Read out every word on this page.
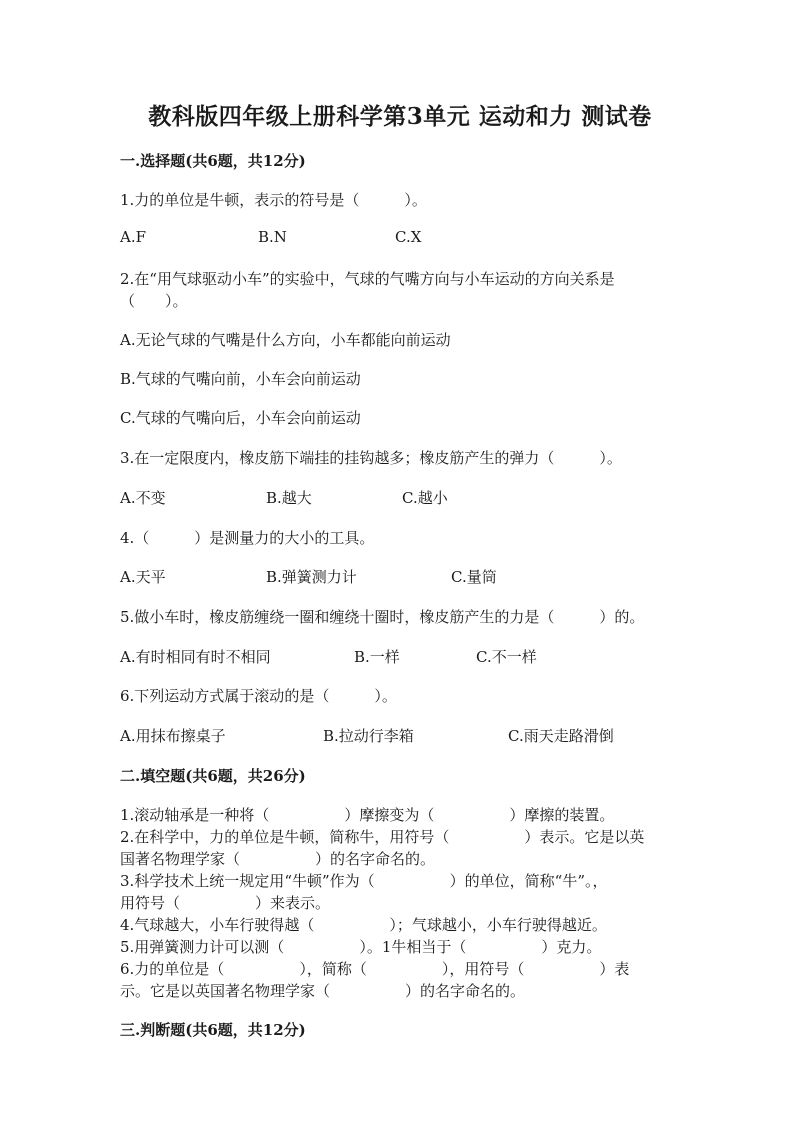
教科版四年级上册科学第3单元 运动和力 测试卷
一.选择题(共6题，共12分)
1.力的单位是牛顿，表示的符号是（　　　）。
A.F	B.N	C.X
2.在“用气球驱动小车”的实验中，气球的气嘴方向与小车运动的方向关系是
（　　）。
A.无论气球的气嘴是什么方向，小车都能向前运动
B.气球的气嘴向前，小车会向前运动
C.气球的气嘴向后，小车会向前运动
3.在一定限度内，橡皮筋下端挂的挂钩越多；橡皮筋产生的弹力（　　　）。
A.不变	B.越大	C.越小
4.（　　　）是测量力的大小的工具。
A.天平	B.弹簧测力计	C.量筒
5.做小车时，橡皮筋缠绕一圈和缠绕十圈时，橡皮筋产生的力是（　　　）的。
A.有时相同有时不相同	B.一样	C.不一样
6.下列运动方式属于滚动的是（　　　）。
A.用抹布擦桌子	B.拉动行李箱	C.雨天走路滑倒
二.填空题(共6题，共26分)
1.滚动轴承是一种将（　　　　　）摩擦变为（　　　　　）摩擦的装置。
2.在科学中，力的单位是牛顿，简称牛，用符号（　　　　　）表示。它是以英
国著名物理学家（　　　　　）的名字命名的。
3.科学技术上统一规定用“牛顿”作为（　　　　　）的单位，简称“牛”。，
用符号（　　　　　）来表示。
4.气球越大，小车行驶得越（　　　　　）；气球越小，小车行驶得越近。
5.用弹簧测力计可以测（　　　　　）。1牛相当于（　　　　　）克力。
6.力的单位是（　　　　　），简称（　　　　　），用符号（　　　　　）表
示。它是以英国著名物理学家（　　　　　）的名字命名的。
三.判断题(共6题，共12分)
